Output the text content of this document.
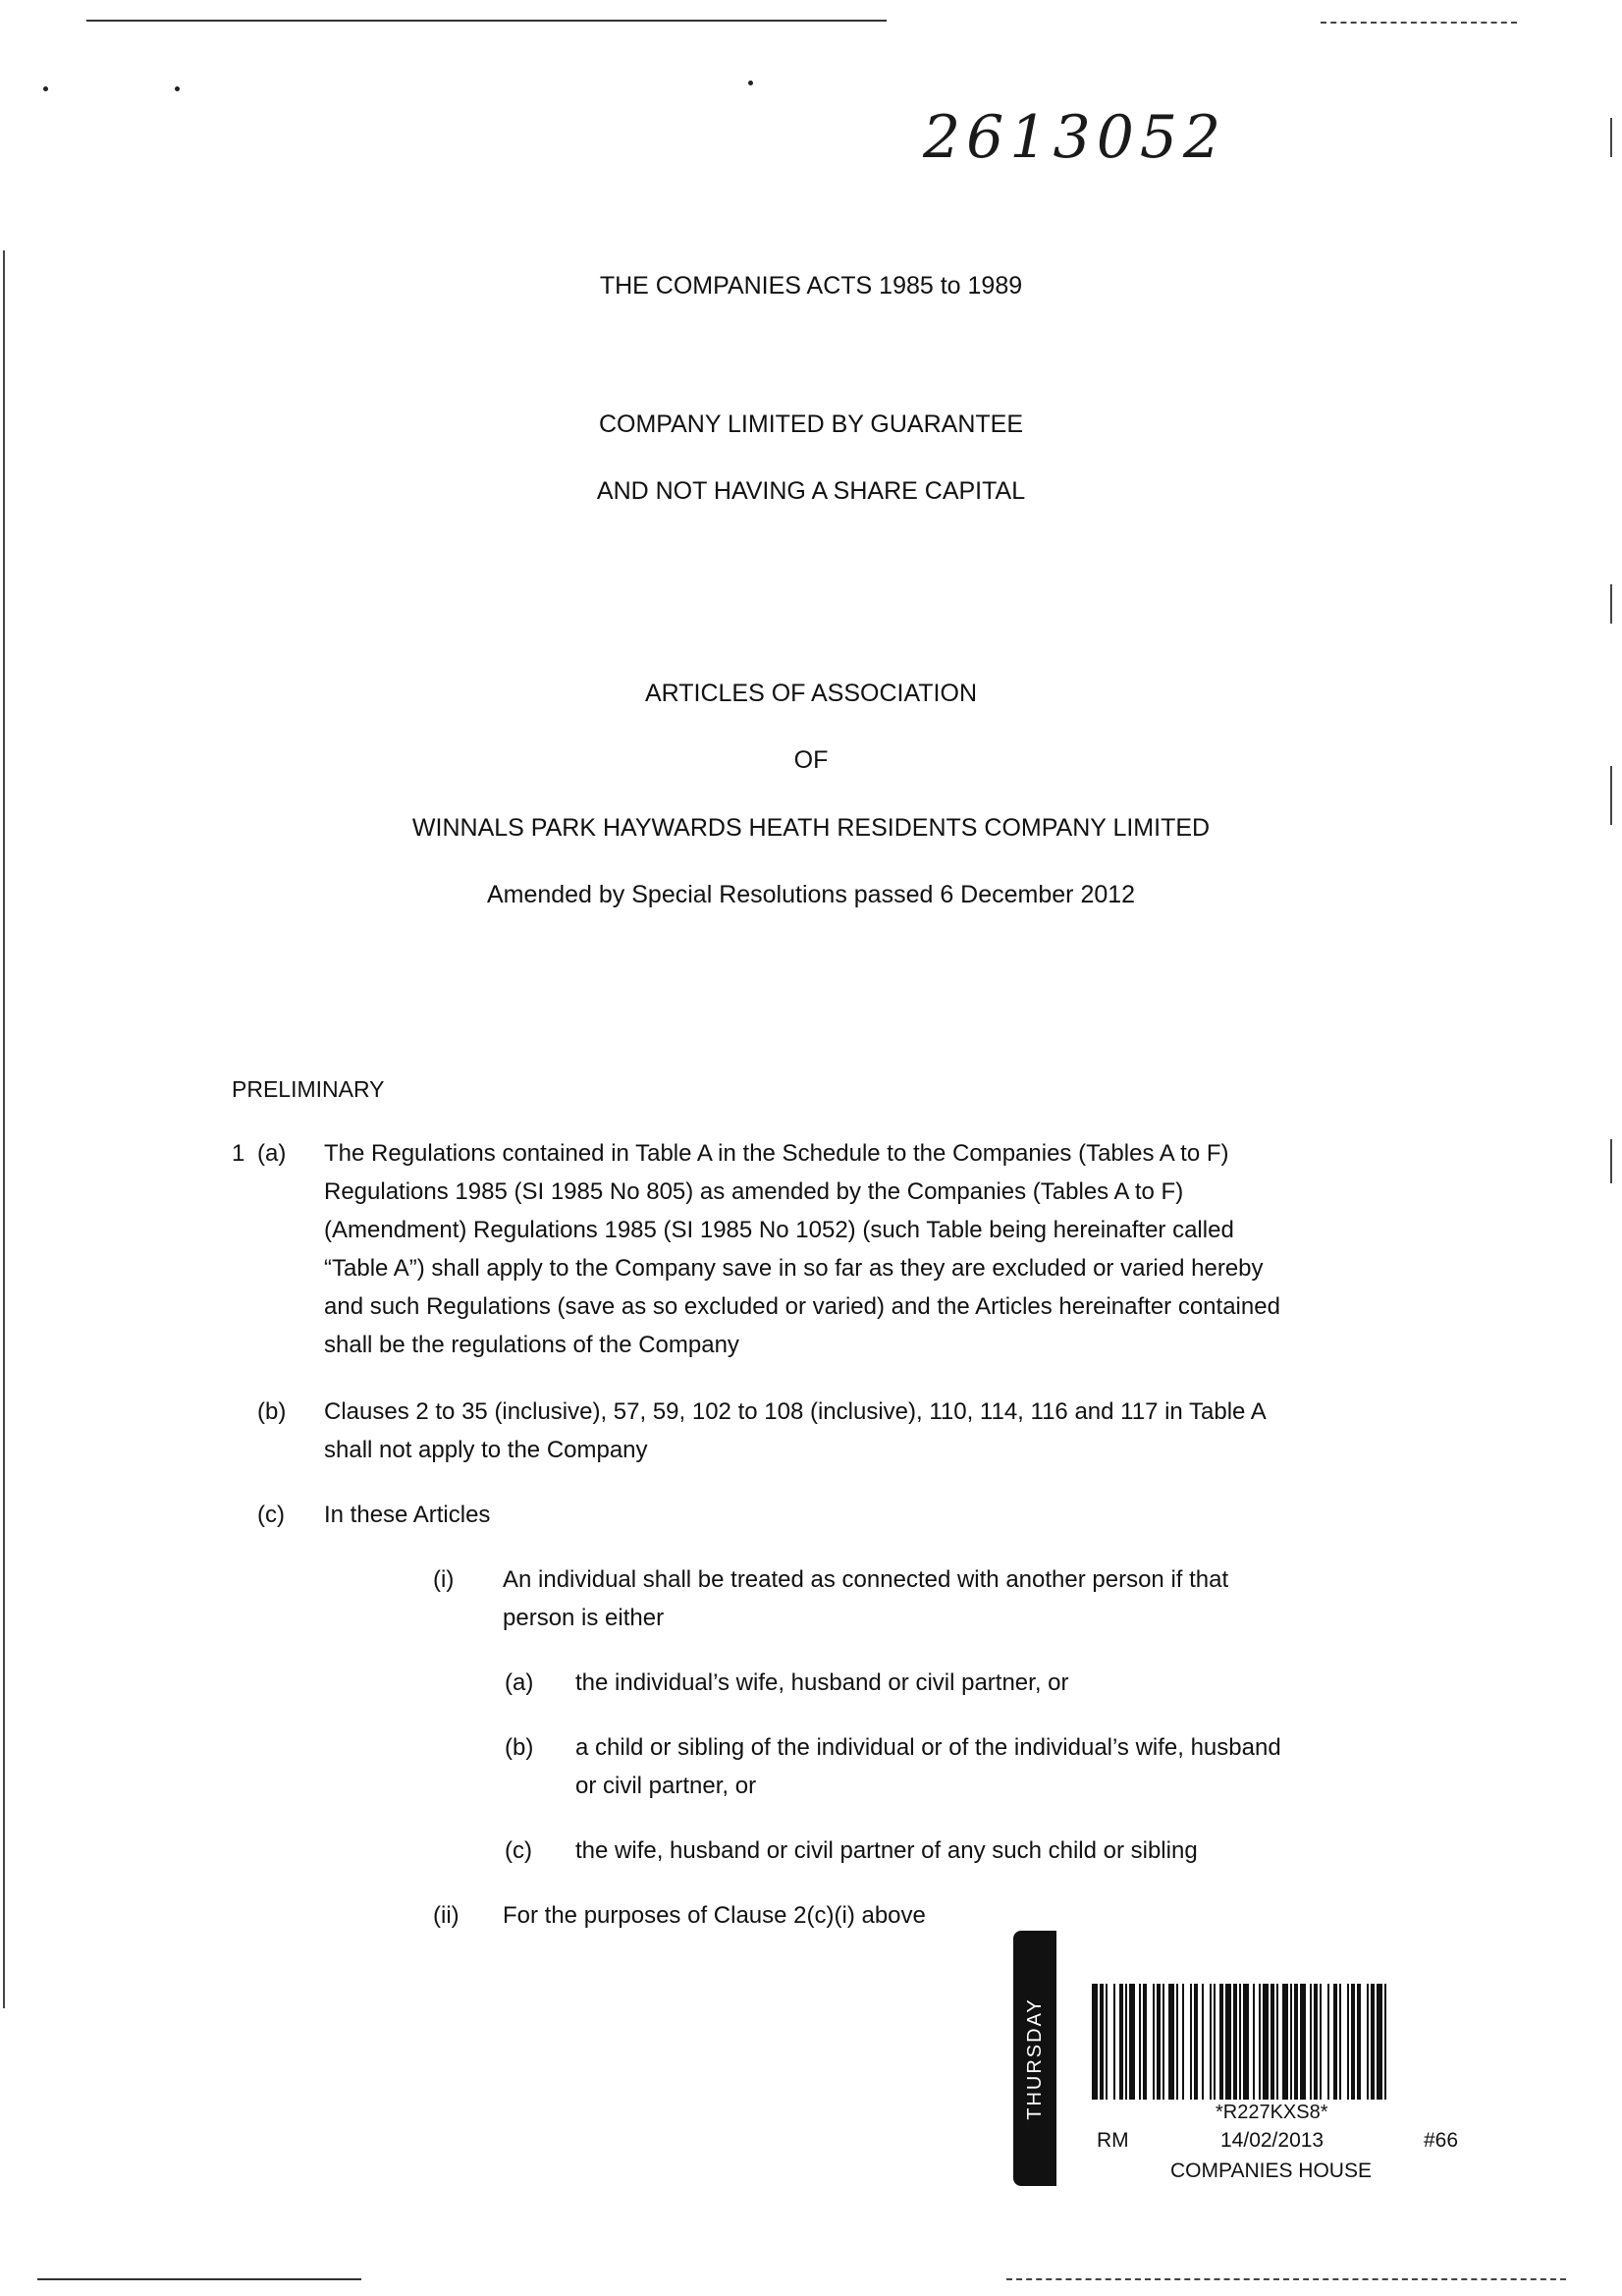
2613052
THE COMPANIES ACTS 1985 to 1989
COMPANY LIMITED BY GUARANTEE
AND NOT HAVING A SHARE CAPITAL
ARTICLES OF ASSOCIATION
OF
WINNALS PARK HAYWARDS HEATH RESIDENTS COMPANY LIMITED
Amended by Special Resolutions passed 6 December 2012
PRELIMINARY
1 (a) The Regulations contained in Table A in the Schedule to the Companies (Tables A to F)
Regulations 1985 (SI 1985 No 805) as amended by the Companies (Tables A to F)
(Amendment) Regulations 1985 (SI 1985 No 1052) (such Table being hereinafter called
“Table A”) shall apply to the Company save in so far as they are excluded or varied hereby
and such Regulations (save as so excluded or varied) and the Articles hereinafter contained
shall be the regulations of the Company
(b) Clauses 2 to 35 (inclusive), 57, 59, 102 to 108 (inclusive), 110, 114, 116 and 117 in Table A
shall not apply to the Company
(c) In these Articles
(i) An individual shall be treated as connected with another person if that
person is either
(a) the individual’s wife, husband or civil partner, or
(b) a child or sibling of the individual or of the individual’s wife, husband
or civil partner, or
(c) the wife, husband or civil partner of any such child or sibling
(ii) For the purposes of Clause 2(c)(i) above
THURSDAY	*R227KXS8*
RM	14/02/2013	#66
COMPANIES HOUSE
